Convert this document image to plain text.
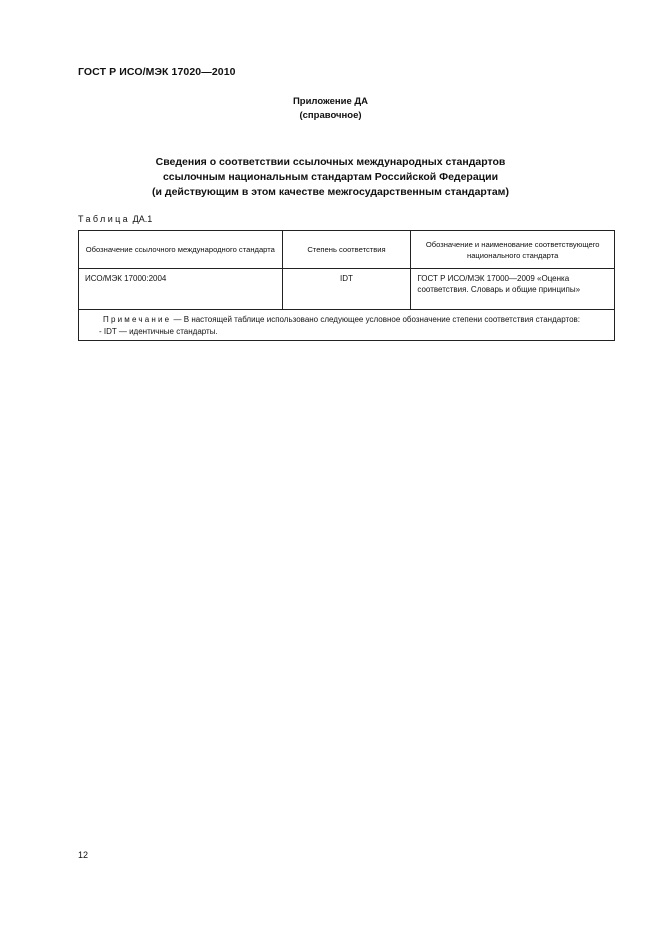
ГОСТ Р ИСО/МЭК 17020—2010
Приложение ДА
(справочное)
Сведения о соответствии ссылочных международных стандартов
ссылочным национальным стандартам Российской Федерации
(и действующим в этом качестве межгосударственным стандартам)
Таблица ДА.1
Обозначение ссылочного международного стандарта	Степень соответствия	Обозначение и наименование соответствующего национального стандарта
ИСО/МЭК 17000:2004	IDT	ГОСТ Р ИСО/МЭК 17000—2009 «Оценка соответствия. Словарь и общие принципы»

Примечание — В настоящей таблице использовано следующее условное обозначение степени соответствия стандартов:
- IDT — идентичные стандарты.		
12
